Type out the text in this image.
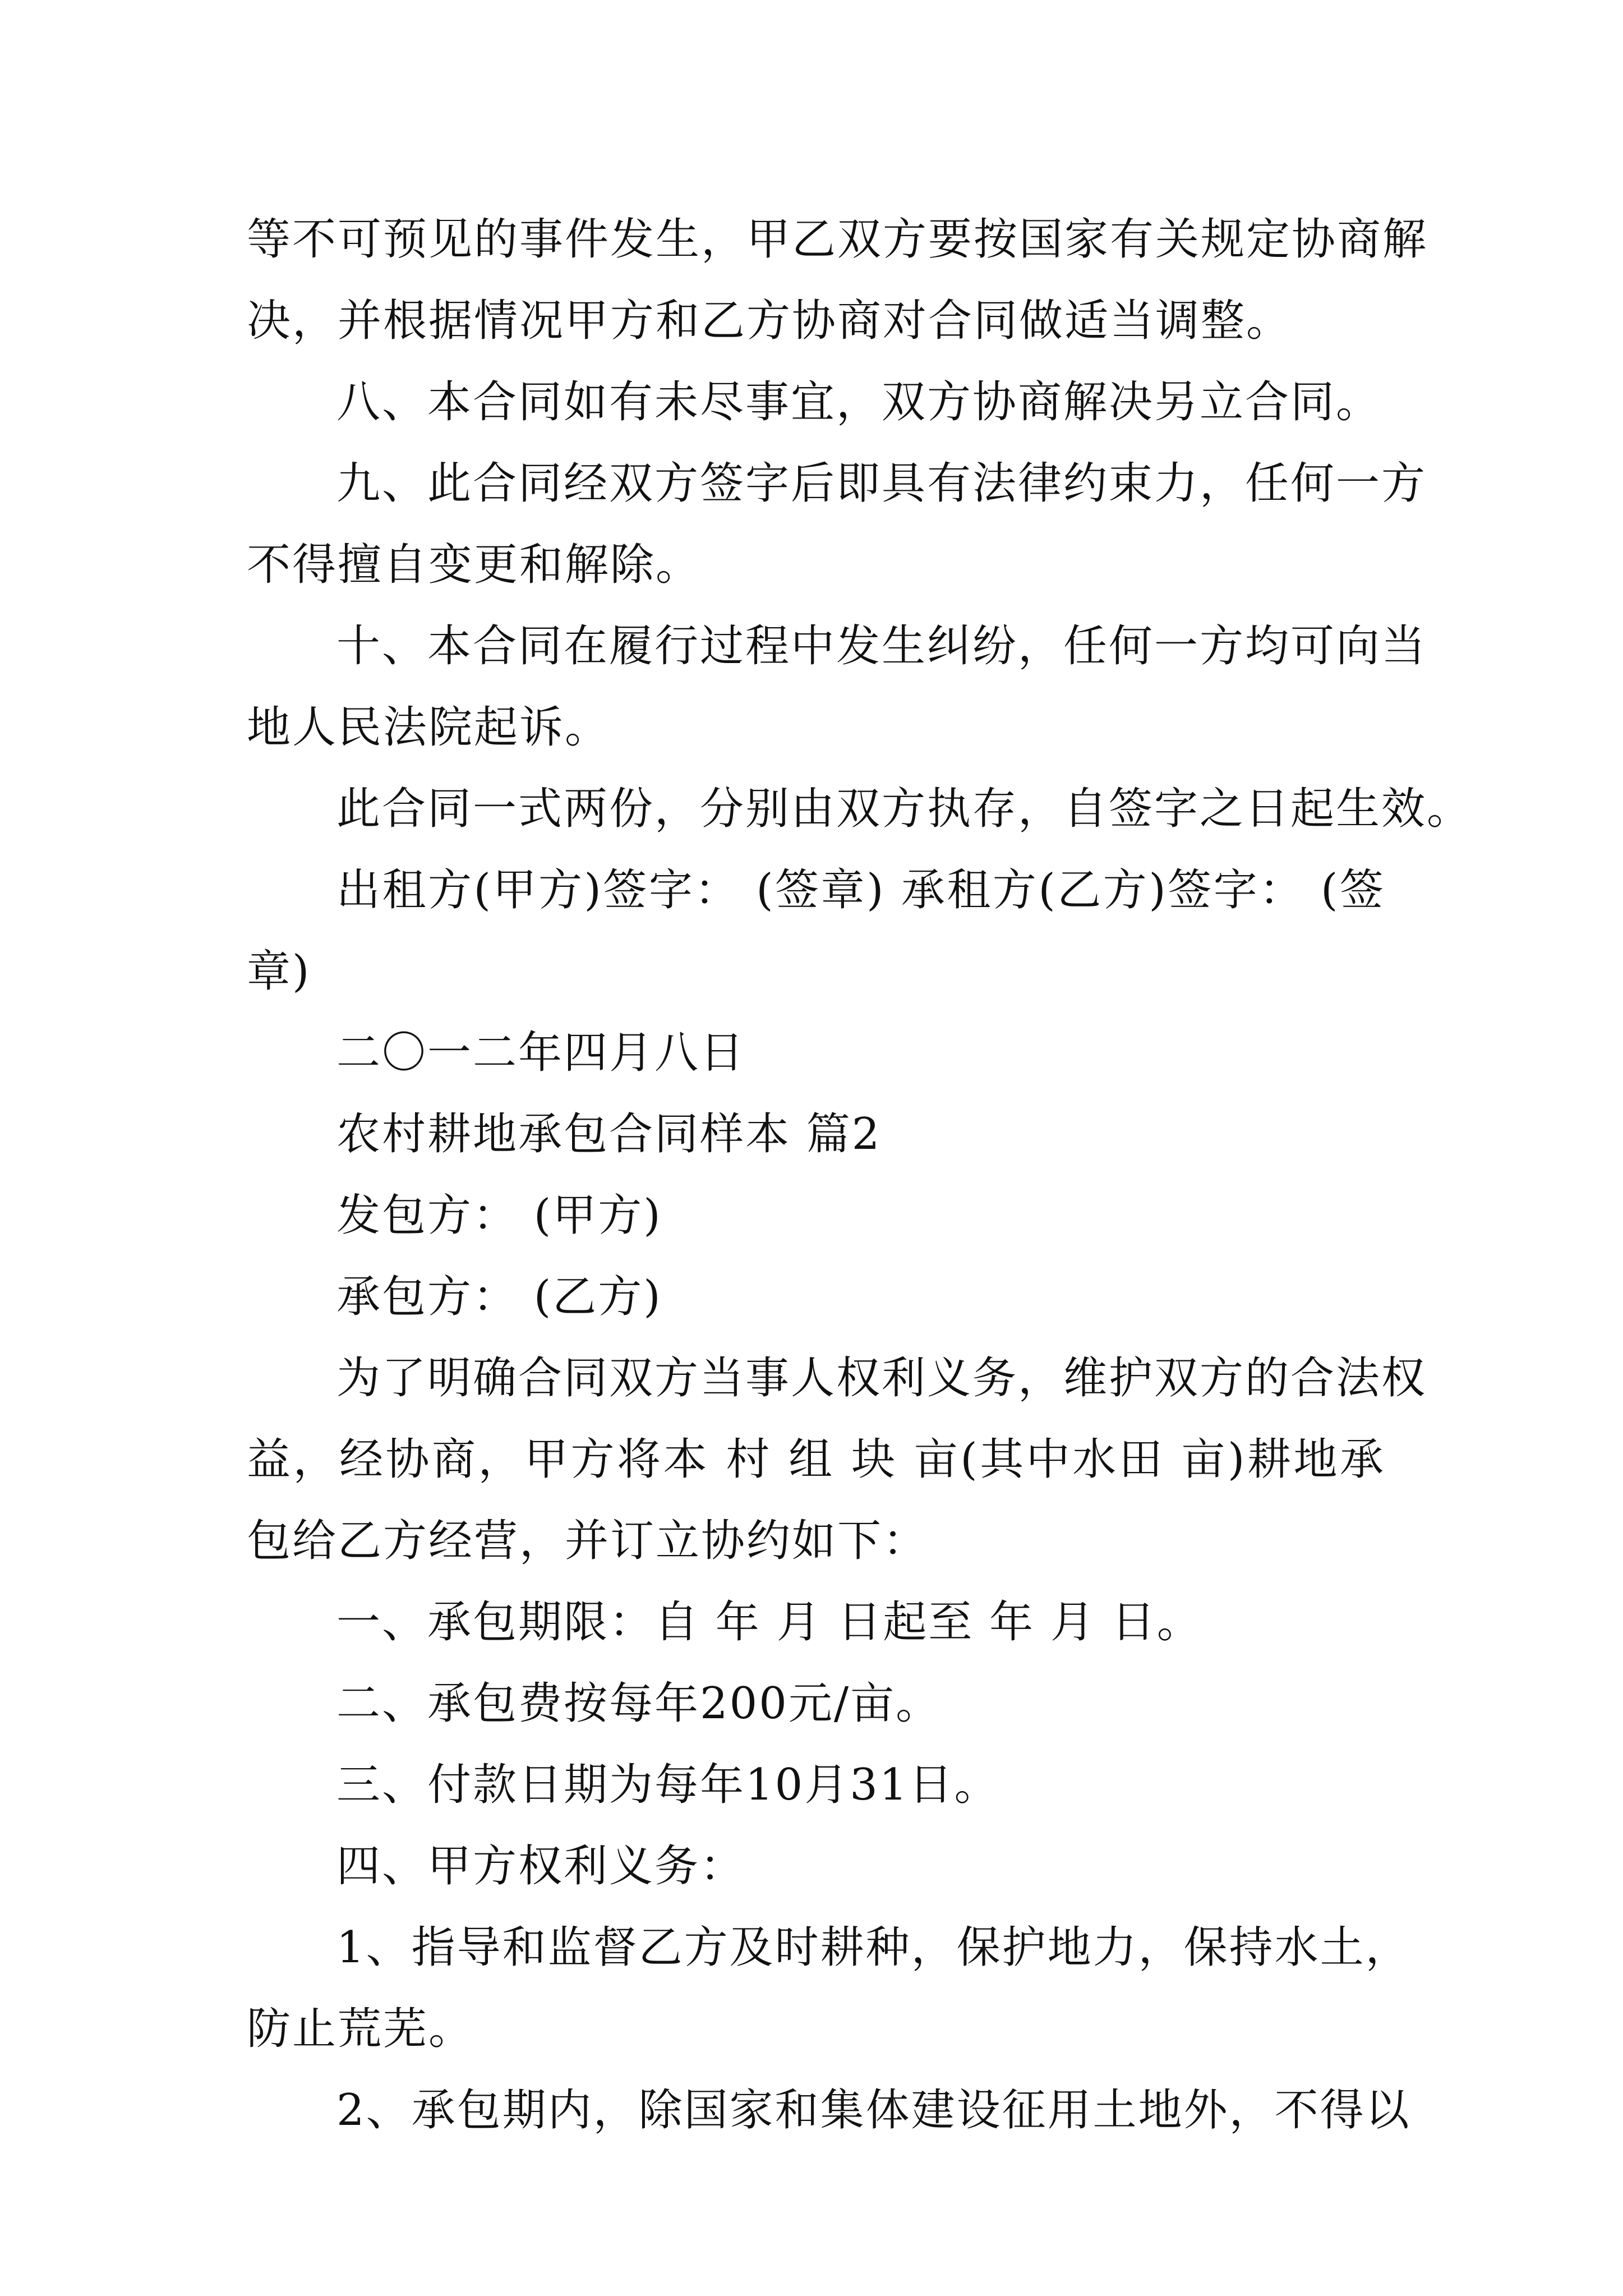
等不可预见的事件发生，甲乙双方要按国家有关规定协商解
决，并根据情况甲方和乙方协商对合同做适当调整。
八、本合同如有未尽事宜，双方协商解决另立合同。
九、此合同经双方签字后即具有法律约束力，任何一方
不得擅自变更和解除。
十、本合同在履行过程中发生纠纷，任何一方均可向当
地人民法院起诉。
此合同一式两份，分别由双方执存，自签字之日起生效。
出租方(甲方)签字： (签章) 承租方(乙方)签字： (签
章)
二〇一二年四月八日
农村耕地承包合同样本 篇2
发包方： (甲方)
承包方： (乙方)
为了明确合同双方当事人权利义务，维护双方的合法权
益，经协商，甲方将本 村 组 块 亩(其中水田 亩)耕地承
包给乙方经营，并订立协约如下：
一、承包期限：自 年 月 日起至 年 月 日。
二、承包费按每年200元/亩。
三、付款日期为每年10月31日。
四、甲方权利义务：
1、指导和监督乙方及时耕种，保护地力，保持水土，
防止荒芜。
2、承包期内，除国家和集体建设征用土地外，不得以
